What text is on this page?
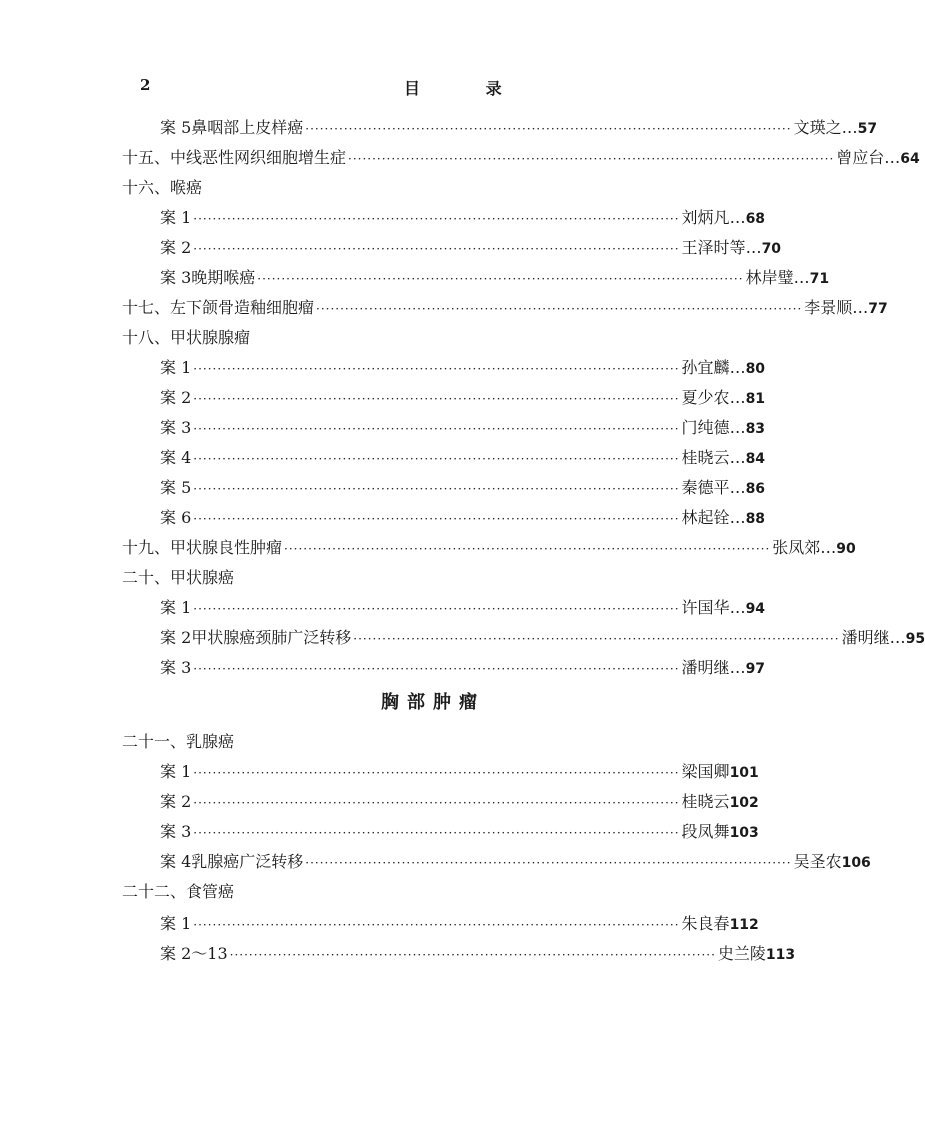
2	目 录
案 5 鼻咽部上皮样癌 ····································································································· 文瑛之 … 57
十五、中线恶性网织细胞增生症 ····································································································· 曾应台 … 64
十六、喉癌
案 1 ····································································································· 刘炳凡 … 68
案 2 ····································································································· 王泽时等 … 70
案 3 晚期喉癌 ····································································································· 林岸璧 … 71
十七、左下颌骨造釉细胞瘤 ····································································································· 李景顺 … 77
十八、甲状腺腺瘤
案 1 ····································································································· 孙宜麟 … 80
案 2 ····································································································· 夏少农 … 81
案 3 ····································································································· 门纯德 … 83
案 4 ····································································································· 桂晓云 … 84
案 5 ····································································································· 秦德平 … 86
案 6 ····································································································· 林起铨 … 88
十九、甲状腺良性肿瘤 ····································································································· 张凤郊 … 90
二十、甲状腺癌
案 1 ····································································································· 许国华 … 94
案 2 甲状腺癌颈肺广泛转移 ····································································································· 潘明继 … 95
案 3 ····································································································· 潘明继 … 97
胸部肿瘤
二十一、乳腺癌
案 1 ····································································································· 梁国卿 101
案 2 ····································································································· 桂晓云 102
案 3 ····································································································· 段凤舞 103
案 4 乳腺癌广泛转移 ····································································································· 吴圣农 106
二十二、食管癌
案 1 ····································································································· 朱良春 112
案 2～13 ····································································································· 史兰陵 113
